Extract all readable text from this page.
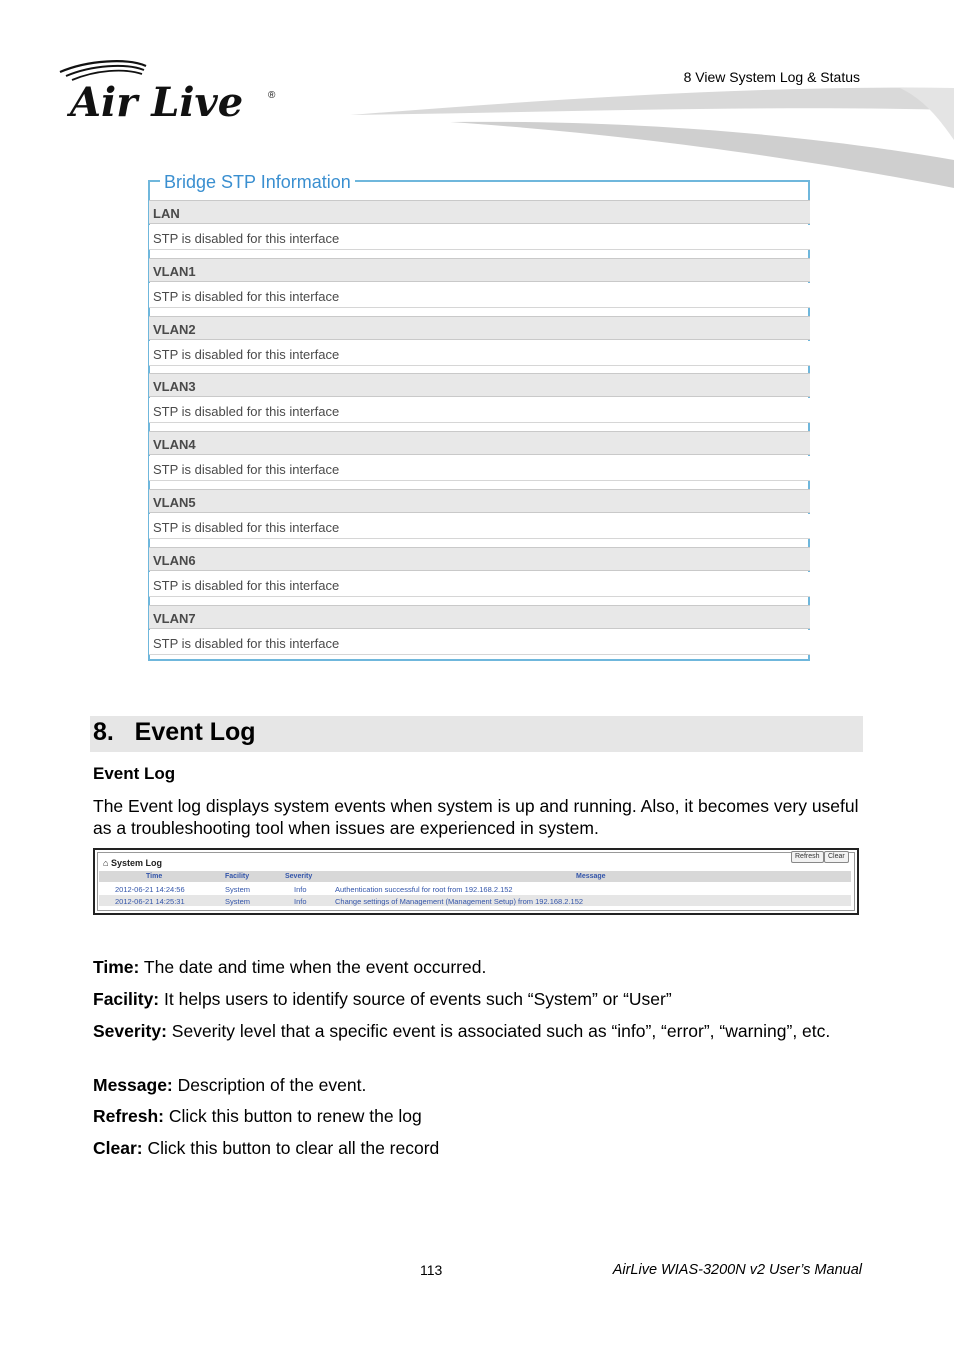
Air Live ®
8 View System Log & Status
Bridge STP Information
LAN
STP is disabled for this interface
VLAN1
STP is disabled for this interface
VLAN2
STP is disabled for this interface
VLAN3
STP is disabled for this interface
VLAN4
STP is disabled for this interface
VLAN5
STP is disabled for this interface
VLAN6
STP is disabled for this interface
VLAN7
STP is disabled for this interface
8.   Event Log
Event Log
The Event log displays system events when system is up and running. Also, it becomes very useful as a troubleshooting tool when issues are experienced in system.
⌂ System Log
Refresh	Clear
Time	Facility	Severity	Message
2012-06-21 14:24:56	System	Info	Authentication successful for root from 192.168.2.152
2012-06-21 14:25:31	System	Info	Change settings of Management (Management Setup) from 192.168.2.152
Time: The date and time when the event occurred.
Facility: It helps users to identify source of events such “System” or “User”
Severity: Severity level that a specific event is associated such as “info”, “error”, “warning”, etc.
Message: Description of the event.
Refresh: Click this button to renew the log
Clear: Click this button to clear all the record
113	AirLive WIAS-3200N v2 User’s Manual
